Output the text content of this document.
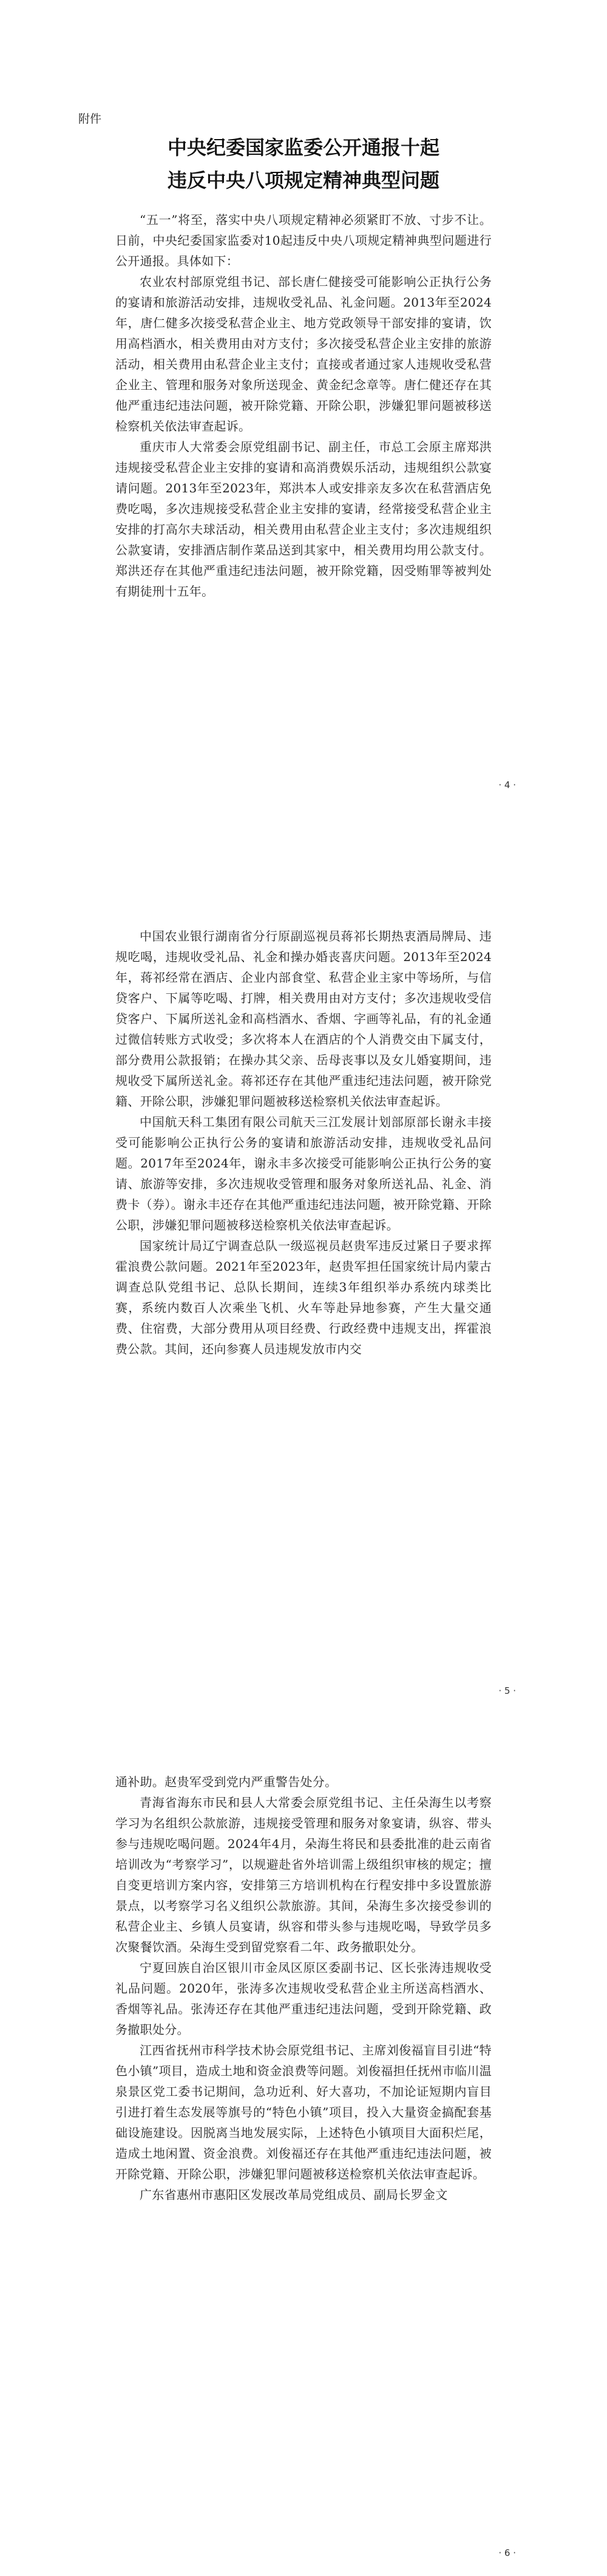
附件
中央纪委国家监委公开通报十起
违反中央八项规定精神典型问题

“五一”将至，落实中央八项规定精神必须紧盯不放、寸步不让。日前，中央纪委国家监委对10起违反中央八项规定精神典型问题进行公开通报。具体如下：

农业农村部原党组书记、部长唐仁健接受可能影响公正执行公务的宴请和旅游活动安排，违规收受礼品、礼金问题。2013年至2024年，唐仁健多次接受私营企业主、地方党政领导干部安排的宴请，饮用高档酒水，相关费用由对方支付；多次接受私营企业主安排的旅游活动，相关费用由私营企业主支付；直接或者通过家人违规收受私营企业主、管理和服务对象所送现金、黄金纪念章等。唐仁健还存在其他严重违纪违法问题，被开除党籍、开除公职，涉嫌犯罪问题被移送检察机关依法审查起诉。

重庆市人大常委会原党组副书记、副主任，市总工会原主席郑洪违规接受私营企业主安排的宴请和高消费娱乐活动，违规组织公款宴请问题。2013年至2023年，郑洪本人或安排亲友多次在私营酒店免费吃喝，多次违规接受私营企业主安排的宴请，经常接受私营企业主安排的打高尔夫球活动，相关费用由私营企业主支付；多次违规组织公款宴请，安排酒店制作菜品送到其家中，相关费用均用公款支付。郑洪还存在其他严重违纪违法问题，被开除党籍，因受贿罪等被判处有期徒刑十五年。

· 4 ·

中国农业银行湖南省分行原副巡视员蒋祁长期热衷酒局牌局、违规吃喝，违规收受礼品、礼金和操办婚丧喜庆问题。2013年至2024年，蒋祁经常在酒店、企业内部食堂、私营企业主家中等场所，与信贷客户、下属等吃喝、打牌，相关费用由对方支付；多次违规收受信贷客户、下属所送礼金和高档酒水、香烟、字画等礼品，有的礼金通过微信转账方式收受；多次将本人在酒店的个人消费交由下属支付，部分费用公款报销；在操办其父亲、岳母丧事以及女儿婚宴期间，违规收受下属所送礼金。蒋祁还存在其他严重违纪违法问题，被开除党籍、开除公职，涉嫌犯罪问题被移送检察机关依法审查起诉。

中国航天科工集团有限公司航天三江发展计划部原部长谢永丰接受可能影响公正执行公务的宴请和旅游活动安排，违规收受礼品问题。2017年至2024年，谢永丰多次接受可能影响公正执行公务的宴请、旅游等安排，多次违规收受管理和服务对象所送礼品、礼金、消费卡（券）。谢永丰还存在其他严重违纪违法问题，被开除党籍、开除公职，涉嫌犯罪问题被移送检察机关依法审查起诉。

国家统计局辽宁调查总队一级巡视员赵贵军违反过紧日子要求挥霍浪费公款问题。2021年至2023年，赵贵军担任国家统计局内蒙古调查总队党组书记、总队长期间，连续3年组织举办系统内球类比赛，系统内数百人次乘坐飞机、火车等赴异地参赛，产生大量交通费、住宿费，大部分费用从项目经费、行政经费中违规支出，挥霍浪费公款。其间，还向参赛人员违规发放市内交

· 5 ·

通补助。赵贵军受到党内严重警告处分。

青海省海东市民和县人大常委会原党组书记、主任朵海生以考察学习为名组织公款旅游，违规接受管理和服务对象宴请，纵容、带头参与违规吃喝问题。2024年4月，朵海生将民和县委批准的赴云南省培训改为“考察学习”，以规避赴省外培训需上级组织审核的规定；擅自变更培训方案内容，安排第三方培训机构在行程安排中多设置旅游景点，以考察学习名义组织公款旅游。其间，朵海生多次接受参训的私营企业主、乡镇人员宴请，纵容和带头参与违规吃喝，导致学员多次聚餐饮酒。朵海生受到留党察看二年、政务撤职处分。

宁夏回族自治区银川市金凤区原区委副书记、区长张涛违规收受礼品问题。2020年，张涛多次违规收受私营企业主所送高档酒水、香烟等礼品。张涛还存在其他严重违纪违法问题，受到开除党籍、政务撤职处分。

江西省抚州市科学技术协会原党组书记、主席刘俊福盲目引进“特色小镇”项目，造成土地和资金浪费等问题。刘俊福担任抚州市临川温泉景区党工委书记期间，急功近利、好大喜功，不加论证短期内盲目引进打着生态发展等旗号的“特色小镇”项目，投入大量资金搞配套基础设施建设。因脱离当地发展实际，上述特色小镇项目大面积烂尾，造成土地闲置、资金浪费。刘俊福还存在其他严重违纪违法问题，被开除党籍、开除公职，涉嫌犯罪问题被移送检察机关依法审查起诉。

广东省惠州市惠阳区发展改革局党组成员、副局长罗金文

· 6 ·
